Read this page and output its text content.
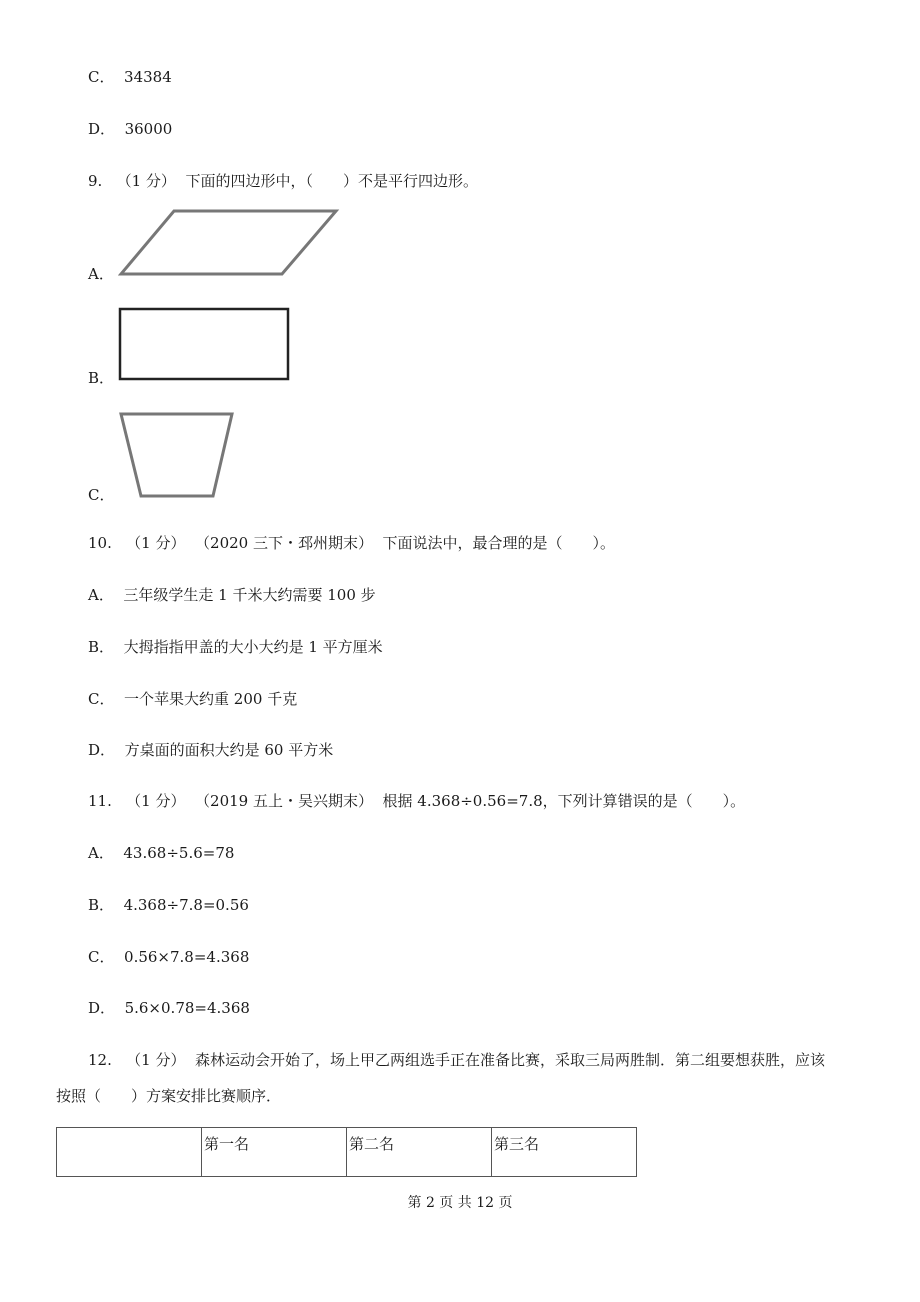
C． 34384
D． 36000
9. （1 分） 下面的四边形中，（　　）不是平行四边形。
A．
B．
C．
10. （1 分） （2020 三下・邳州期末） 下面说法中，最合理的是（　　）。
A． 三年级学生走 1 千米大约需要 100 步
B． 大拇指指甲盖的大小大约是 1 平方厘米
C． 一个苹果大约重 200 千克
D． 方桌面的面积大约是 60 平方米
11. （1 分） （2019 五上・吴兴期末） 根据 4.368÷0.56=7.8，下列计算错误的是（　　）。
A． 43.68÷5.6=78
B． 4.368÷7.8=0.56
C． 0.56×7.8=4.368
D． 5.6×0.78=4.368
12. （1 分） 森林运动会开始了，场上甲乙两组选手正在准备比赛，采取三局两胜制．第二组要想获胜，应该
按照（　　）方案安排比赛顺序．
	第一名	第二名	第三名
第 2 页 共 12 页
